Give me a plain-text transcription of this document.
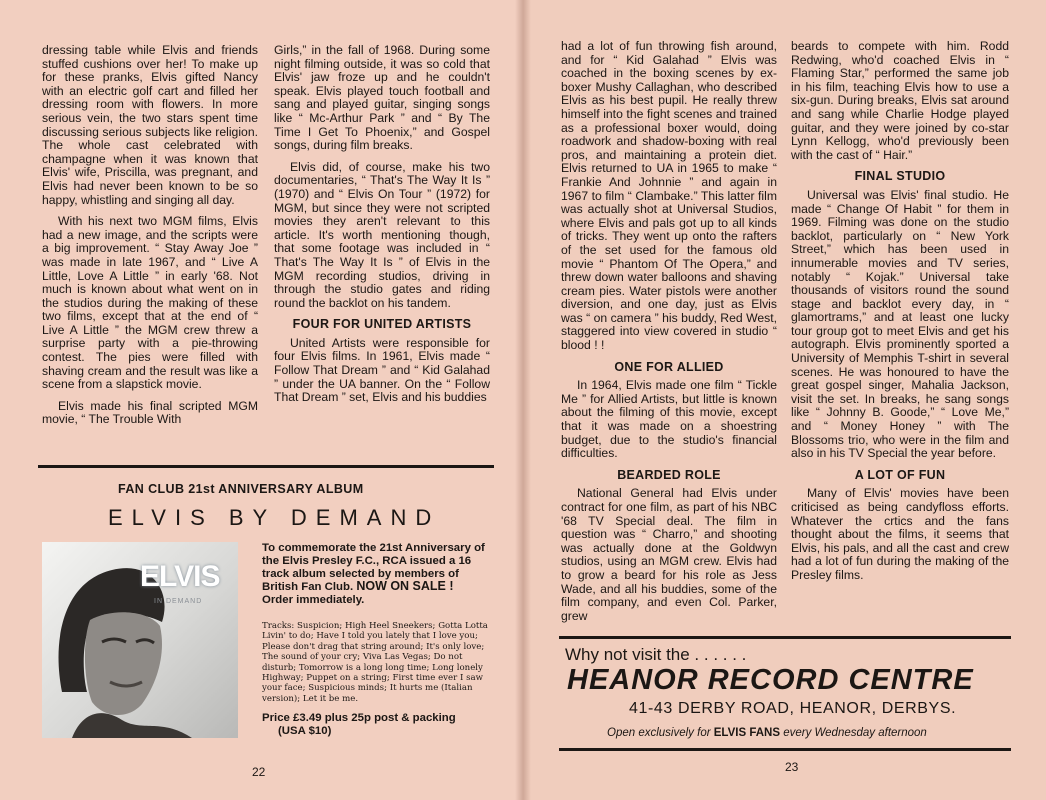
dressing table while Elvis and friends stuffed cushions over her! To make up for these pranks, Elvis gifted Nancy with an electric golf cart and filled her dressing room with flowers. In more serious vein, the two stars spent time discussing serious subjects like religion. The whole cast celebrated with champagne when it was known that Elvis' wife, Priscilla, was pregnant, and Elvis had never been known to be so happy, whistling and singing all day.

With his next two MGM films, Elvis had a new image, and the scripts were a big improvement. “ Stay Away Joe ” was made in late 1967, and “ Live A Little, Love A Little ” in early '68. Not much is known about what went on in the studios during the making of these two films, except that at the end of “ Live A Little ” the MGM crew threw a surprise party with a pie-throwing contest. The pies were filled with shaving cream and the result was like a scene from a slapstick movie.

Elvis made his final scripted MGM movie, “ The Trouble With

Girls,” in the fall of 1968. During some night filming outside, it was so cold that Elvis' jaw froze up and he couldn't speak. Elvis played touch football and sang and played guitar, singing songs like “ Mc-Arthur Park ” and “ By The Time I Get To Phoenix,” and Gospel songs, during film breaks.

Elvis did, of course, make his two documentaries, “ That's The Way It Is ” (1970) and “ Elvis On Tour ” (1972) for MGM, but since they were not scripted movies they aren't relevant to this article. It's worth mentioning though, that some footage was included in “ That's The Way It Is ” of Elvis in the MGM recording studios, driving in through the studio gates and riding round the backlot on his tandem.

FOUR FOR UNITED ARTISTS

United Artists were responsible for four Elvis films. In 1961, Elvis made “ Follow That Dream ” and “ Kid Galahad ” under the UA banner. On the “ Follow That Dream ” set, Elvis and his buddies

FAN CLUB 21st ANNIVERSARY ALBUM
ELVIS BY DEMAND
ELVIS
IN DEMAND
To commemorate the 21st Anniversary of the Elvis Presley F.C., RCA issued a 16 track album selected by members of British Fan Club. NOW ON SALE !
Order immediately.
Tracks: Suspicion; High Heel Sneekers; Gotta Lotta Livin' to do; Have I told you lately that I love you; Please don't drag that string around; It's only love; The sound of your cry; Viva Las Vegas; Do not disturb; Tomorrow is a long long time; Long lonely Highway; Puppet on a string; First time ever I saw your face; Suspicious minds; It hurts me (Italian version); Let it be me.
Price £3.49 plus 25p post & packing
(USA $10)
22

had a lot of fun throwing fish around, and for “ Kid Galahad ” Elvis was coached in the boxing scenes by ex-boxer Mushy Callaghan, who described Elvis as his best pupil. He really threw himself into the fight scenes and trained as a professional boxer would, doing roadwork and shadow-boxing with real pros, and maintaining a protein diet. Elvis returned to UA in 1965 to make “ Frankie And Johnnie ” and again in 1967 to film “ Clambake.” This latter film was actually shot at Universal Studios, where Elvis and pals got up to all kinds of tricks. They went up onto the rafters of the set used for the famous old movie “ Phantom Of The Opera,” and threw down water balloons and shaving cream pies. Water pistols were another diversion, and one day, just as Elvis was “ on camera ” his buddy, Red West, staggered into view covered in studio “ blood ! !

ONE FOR ALLIED

In 1964, Elvis made one film “ Tickle Me ” for Allied Artists, but little is known about the filming of this movie, except that it was made on a shoestring budget, due to the studio's financial difficulties.

BEARDED ROLE

National General had Elvis under contract for one film, as part of his NBC '68 TV Special deal. The film in question was “ Charro,” and shooting was actually done at the Goldwyn studios, using an MGM crew. Elvis had to grow a beard for his role as Jess Wade, and all his buddies, some of the film company, and even Col. Parker, grew

beards to compete with him. Rodd Redwing, who'd coached Elvis in “ Flaming Star,” performed the same job in his film, teaching Elvis how to use a six-gun. During breaks, Elvis sat around and sang while Charlie Hodge played guitar, and they were joined by co-star Lynn Kellogg, who'd previously been with the cast of “ Hair.”

FINAL STUDIO

Universal was Elvis' final studio. He made “ Change Of Habit ” for them in 1969. Filming was done on the studio backlot, particularly on “ New York Street,” which has been used in innumerable movies and TV series, notably “ Kojak.” Universal take thousands of visitors round the sound stage and backlot every day, in “ glamortrams,” and at least one lucky tour group got to meet Elvis and get his autograph. Elvis prominently sported a University of Memphis T-shirt in several scenes. He was honoured to have the great gospel singer, Mahalia Jackson, visit the set. In breaks, he sang songs like “ Johnny B. Goode,” “ Love Me,” and “ Money Honey ” with The Blossoms trio, who were in the film and also in his TV Special the year before.

A LOT OF FUN

Many of Elvis' movies have been criticised as being candyfloss efforts. Whatever the crtics and the fans thought about the films, it seems that Elvis, his pals, and all the cast and crew had a lot of fun during the making of the Presley films.

Why not visit the . . . . . .
HEANOR RECORD CENTRE
41-43 DERBY ROAD, HEANOR, DERBYS.
Open exclusively for ELVIS FANS every Wednesday afternoon
23
